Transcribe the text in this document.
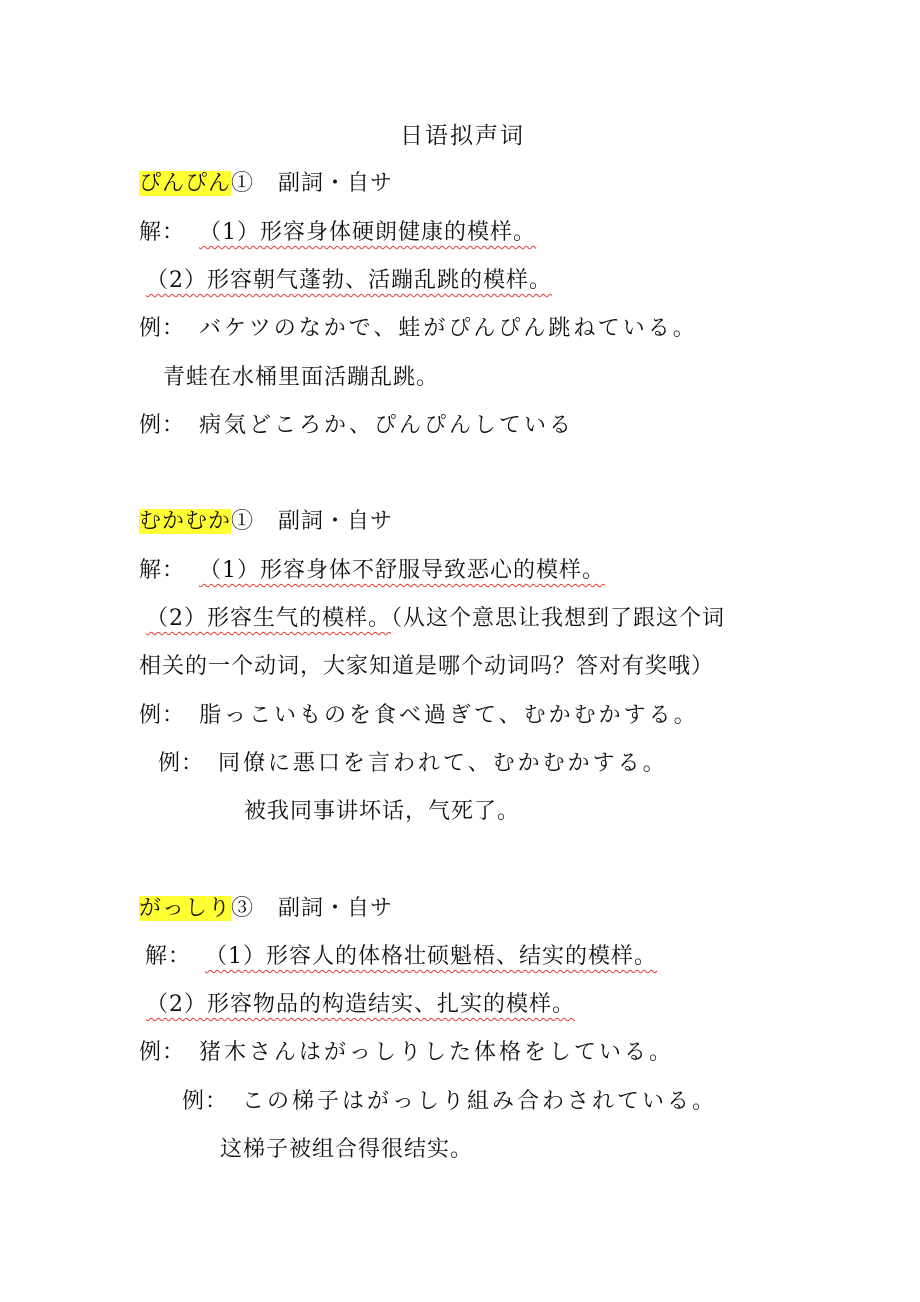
日语拟声词
ぴんぴん① 副詞・自サ
解： （1）形容身体硬朗健康的模样。
（2）形容朝气蓬勃、活蹦乱跳的模样。
例： バケツのなかで、蛙がぴんぴん跳ねている。
青蛙在水桶里面活蹦乱跳。
例： 病気どころか、ぴんぴんしている
むかむか① 副詞・自サ
解： （1）形容身体不舒服导致恶心的模样。
（2）形容生气的模样。（从这个意思让我想到了跟这个词
相关的一个动词，大家知道是哪个动词吗？答对有奖哦）
例： 脂っこいものを食べ過ぎて、むかむかする。
例： 同僚に悪口を言われて、むかむかする。
被我同事讲坏话，气死了。
がっしり③ 副詞・自サ
解： （1）形容人的体格壮硕魁梧、结实的模样。
（2）形容物品的构造结实、扎实的模样。
例： 猪木さんはがっしりした体格をしている。
例： この梯子はがっしり組み合わされている。
这梯子被组合得很结实。
